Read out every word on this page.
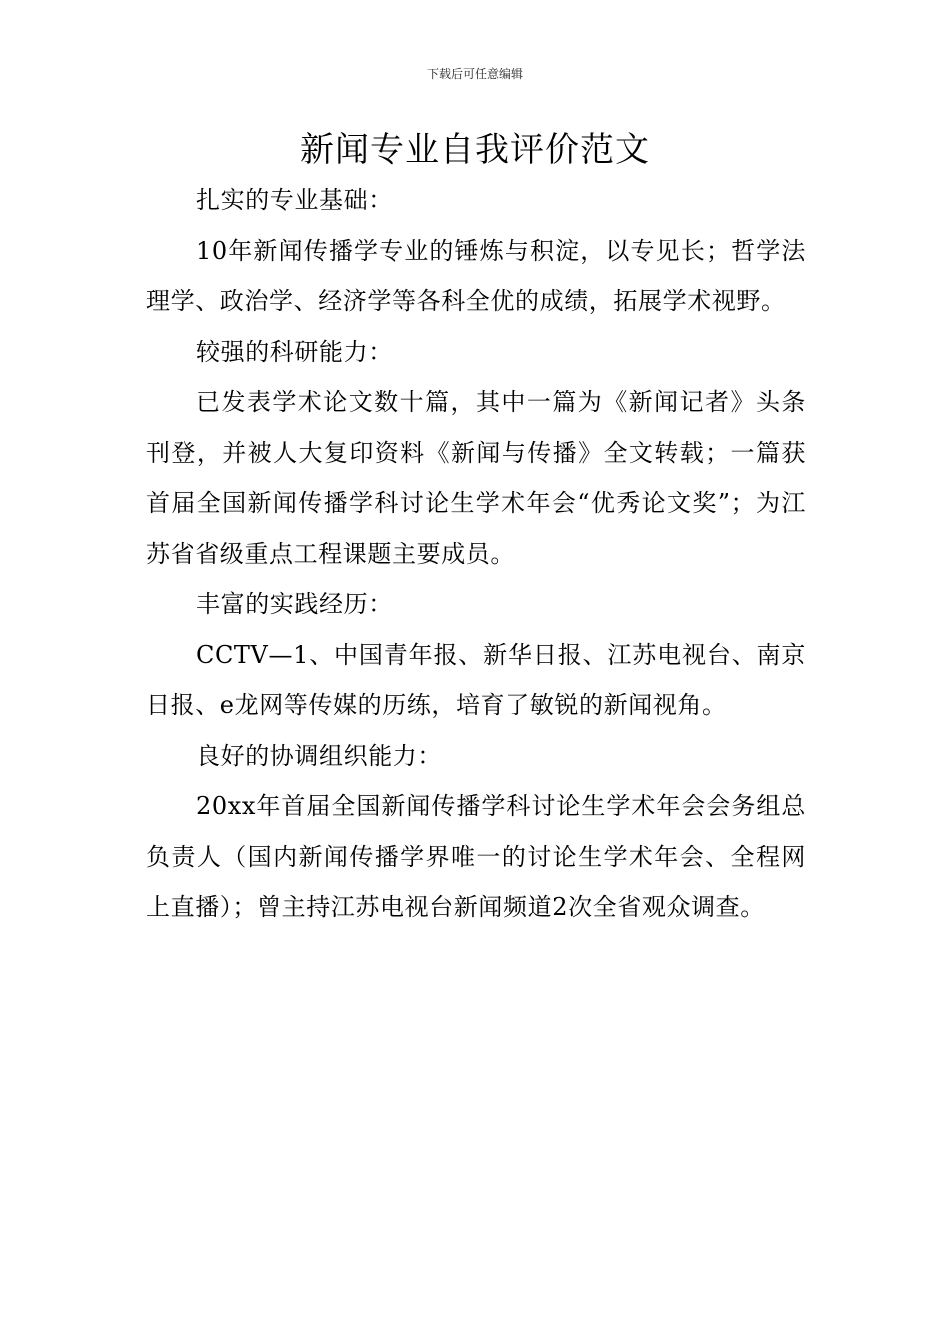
下载后可任意编辑
新闻专业自我评价范文

扎实的专业基础：

10年新闻传播学专业的锤炼与积淀，以专见长；哲学法理学、政治学、经济学等各科全优的成绩，拓展学术视野。

较强的科研能力：

已发表学术论文数十篇，其中一篇为《新闻记者》头条刊登，并被人大复印资料《新闻与传播》全文转载；一篇获首届全国新闻传播学科讨论生学术年会“优秀论文奖”；为江苏省省级重点工程课题主要成员。

丰富的实践经历：

CCTV—1、中国青年报、新华日报、江苏电视台、南京日报、e龙网等传媒的历练，培育了敏锐的新闻视角。

良好的协调组织能力：

20xx年首届全国新闻传播学科讨论生学术年会会务组总负责人（国内新闻传播学界唯一的讨论生学术年会、全程网上直播）；曾主持江苏电视台新闻频道2次全省观众调查。
